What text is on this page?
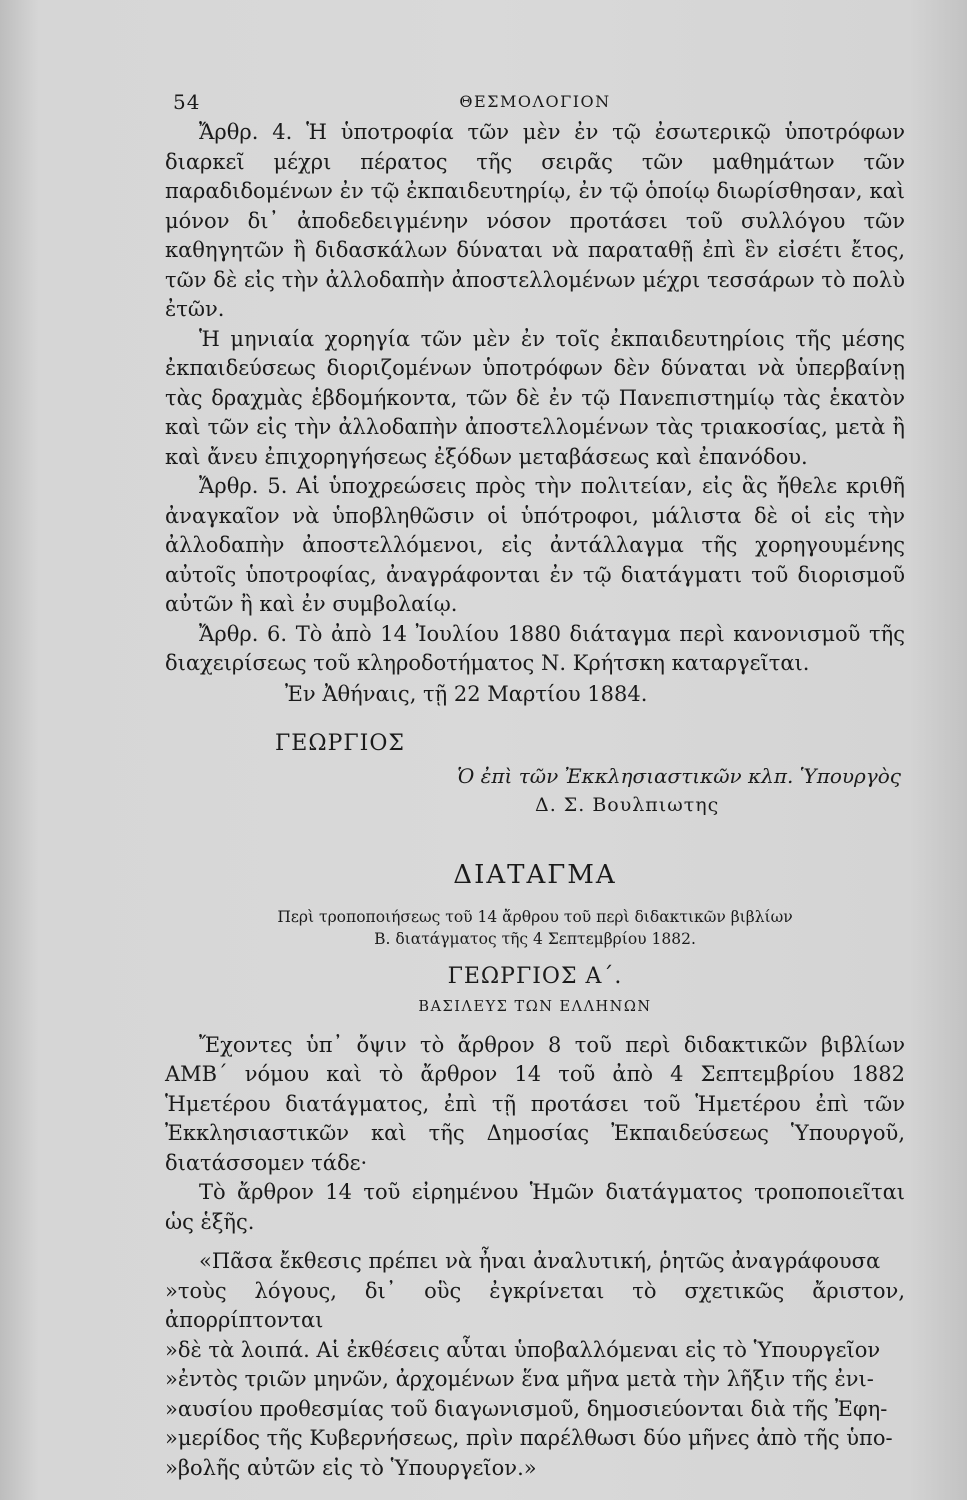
54	ΘΕΣΜΟΛΟΓΙΟΝ

Ἄρθρ. 4. Ἡ ὑποτροφία τῶν μὲν ἐν τῷ ἐσωτερικῷ ὑποτρόφων διαρκεῖ μέχρι πέρατος τῆς σειρᾶς τῶν μαθημάτων τῶν παραδιδομένων ἐν τῷ ἐκπαιδευτηρίῳ, ἐν τῷ ὁποίῳ διωρίσθησαν, καὶ μόνον δι᾽ ἀποδεδειγμένην νόσον προτάσει τοῦ συλλόγου τῶν καθηγητῶν ἢ διδασκάλων δύναται νὰ παραταθῇ ἐπὶ ἓν εἰσέτι ἔτος, τῶν δὲ εἰς τὴν ἀλλοδαπὴν ἀποστελλομένων μέχρι τεσσάρων τὸ πολὺ ἐτῶν.

Ἡ μηνιαία χορηγία τῶν μὲν ἐν τοῖς ἐκπαιδευτηρίοις τῆς μέσης ἐκπαιδεύσεως διοριζομένων ὑποτρόφων δὲν δύναται νὰ ὑπερβαίνῃ τὰς δραχμὰς ἑβδομήκοντα, τῶν δὲ ἐν τῷ Πανεπιστημίῳ τὰς ἑκατὸν καὶ τῶν εἰς τὴν ἀλλοδαπὴν ἀποστελλομένων τὰς τριακοσίας, μετὰ ἢ καὶ ἄνευ ἐπιχορηγήσεως ἐξόδων μεταβάσεως καὶ ἐπανόδου.

Ἄρθρ. 5. Αἱ ὑποχρεώσεις πρὸς τὴν πολιτείαν, εἰς ἃς ἤθελε κριθῆ ἀναγκαῖον νὰ ὑποβληθῶσιν οἱ ὑπότροφοι, μάλιστα δὲ οἱ εἰς τὴν ἀλλοδαπὴν ἀποστελλόμενοι, εἰς ἀντάλλαγμα τῆς χορηγουμένης αὐτοῖς ὑποτροφίας, ἀναγράφονται ἐν τῷ διατάγματι τοῦ διορισμοῦ αὐτῶν ἢ καὶ ἐν συμβολαίῳ.

Ἄρθρ. 6. Τὸ ἀπὸ 14 Ἰουλίου 1880 διάταγμα περὶ κανονισμοῦ τῆς διαχειρίσεως τοῦ κληροδοτήματος Ν. Κρήτσκη καταργεῖται.

Ἐν Ἀθήναις, τῇ 22 Μαρτίου 1884.

ΓΕΩΡΓΙΟΣ
Ὁ ἐπὶ τῶν Ἐκκλησιαστικῶν κλπ. Ὑπουργὸς
Δ. Σ. Βουλπιωτης
ΔΙΑΤΑΓΜΑ
Περὶ τροποποιήσεως τοῦ 14 ἄρθρου τοῦ περὶ διδακτικῶν βιβλίων
Β. διατάγματος τῆς 4 Σεπτεμβρίου 1882.
ΓΕΩΡΓΙΟΣ Α΄.
ΒΑΣΙΛΕΥΣ ΤΩΝ ΕΛΛΗΝΩΝ

Ἔχοντες ὑπ᾽ ὄψιν τὸ ἄρθρον 8 τοῦ περὶ διδακτικῶν βιβλίων ΑΜΒ΄ νόμου καὶ τὸ ἄρθρον 14 τοῦ ἀπὸ 4 Σεπτεμβρίου 1882 Ἡμετέρου διατάγματος, ἐπὶ τῇ προτάσει τοῦ Ἡμετέρου ἐπὶ τῶν Ἐκκλησιαστικῶν καὶ τῆς Δημοσίας Ἐκπαιδεύσεως Ὑπουργοῦ, διατάσσομεν τάδε·

Τὸ ἄρθρον 14 τοῦ εἰρημένου Ἡμῶν διατάγματος τροποποιεῖται ὡς ἑξῆς.

«Πᾶσα ἔκθεσις πρέπει νὰ ἦναι ἀναλυτική, ῥητῶς ἀναγράφουσα
»τοὺς λόγους, δι᾽ οὓς ἐγκρίνεται τὸ σχετικῶς ἄριστον, ἀπορρίπτονται
»δὲ τὰ λοιπά. Αἱ ἐκθέσεις αὗται ὑποβαλλόμεναι εἰς τὸ Ὑπουργεῖον
»ἐντὸς τριῶν μηνῶν, ἀρχομένων ἕνα μῆνα μετὰ τὴν λῆξιν τῆς ἐνι-
»αυσίου προθεσμίας τοῦ διαγωνισμοῦ, δημοσιεύονται διὰ τῆς Ἐφη-
»μερίδος τῆς Κυβερνήσεως, πρὶν παρέλθωσι δύο μῆνες ἀπὸ τῆς ὑπο-
»βολῆς αὐτῶν εἰς τὸ Ὑπουργεῖον.»
